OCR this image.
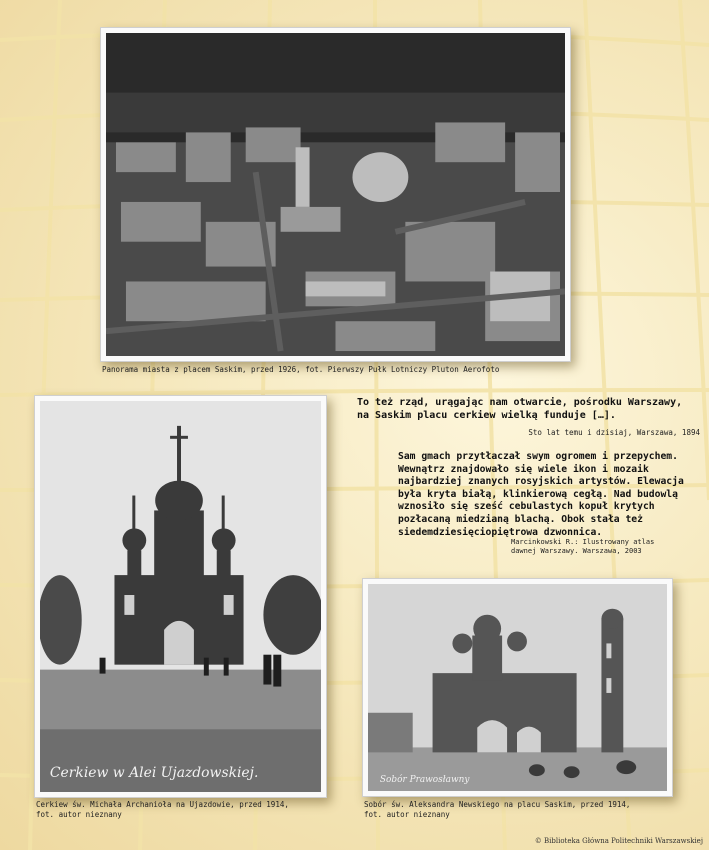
Panorama miasta z placem Saskim, przed 1926, fot. Pierwszy Pułk Lotniczy Pluton Aerofoto
To też rząd, urągając nam otwarcie, pośrodku Warszawy,
na Saskim placu cerkiew wielką funduje […].
Sto lat temu i dzisiaj, Warszawa, 1894
Sam gmach przytłaczał swym ogromem i przepychem.
Wewnątrz znajdowało się wiele ikon i mozaik
najbardziej znanych rosyjskich artystów. Elewacja
była kryta białą, klinkierową cegłą. Nad budowlą
wznosiło się sześć cebulastych kopuł krytych
pozłacaną miedzianą blachą. Obok stała też
siedemdziesięciopiętrowa dzwonnica.
Marcinkowski R.: Ilustrowany atlas
dawnej Warszawy. Warszawa, 2003
Cerkiew w Alei Ujazdowskiej.
Cerkiew św. Michała Archanioła na Ujazdowie, przed 1914,
fot. autor nieznany
Sobór Prawosławny
Sobór św. Aleksandra Newskiego na placu Saskim, przed 1914,
fot. autor nieznany
© Biblioteka Główna Politechniki Warszawskiej
